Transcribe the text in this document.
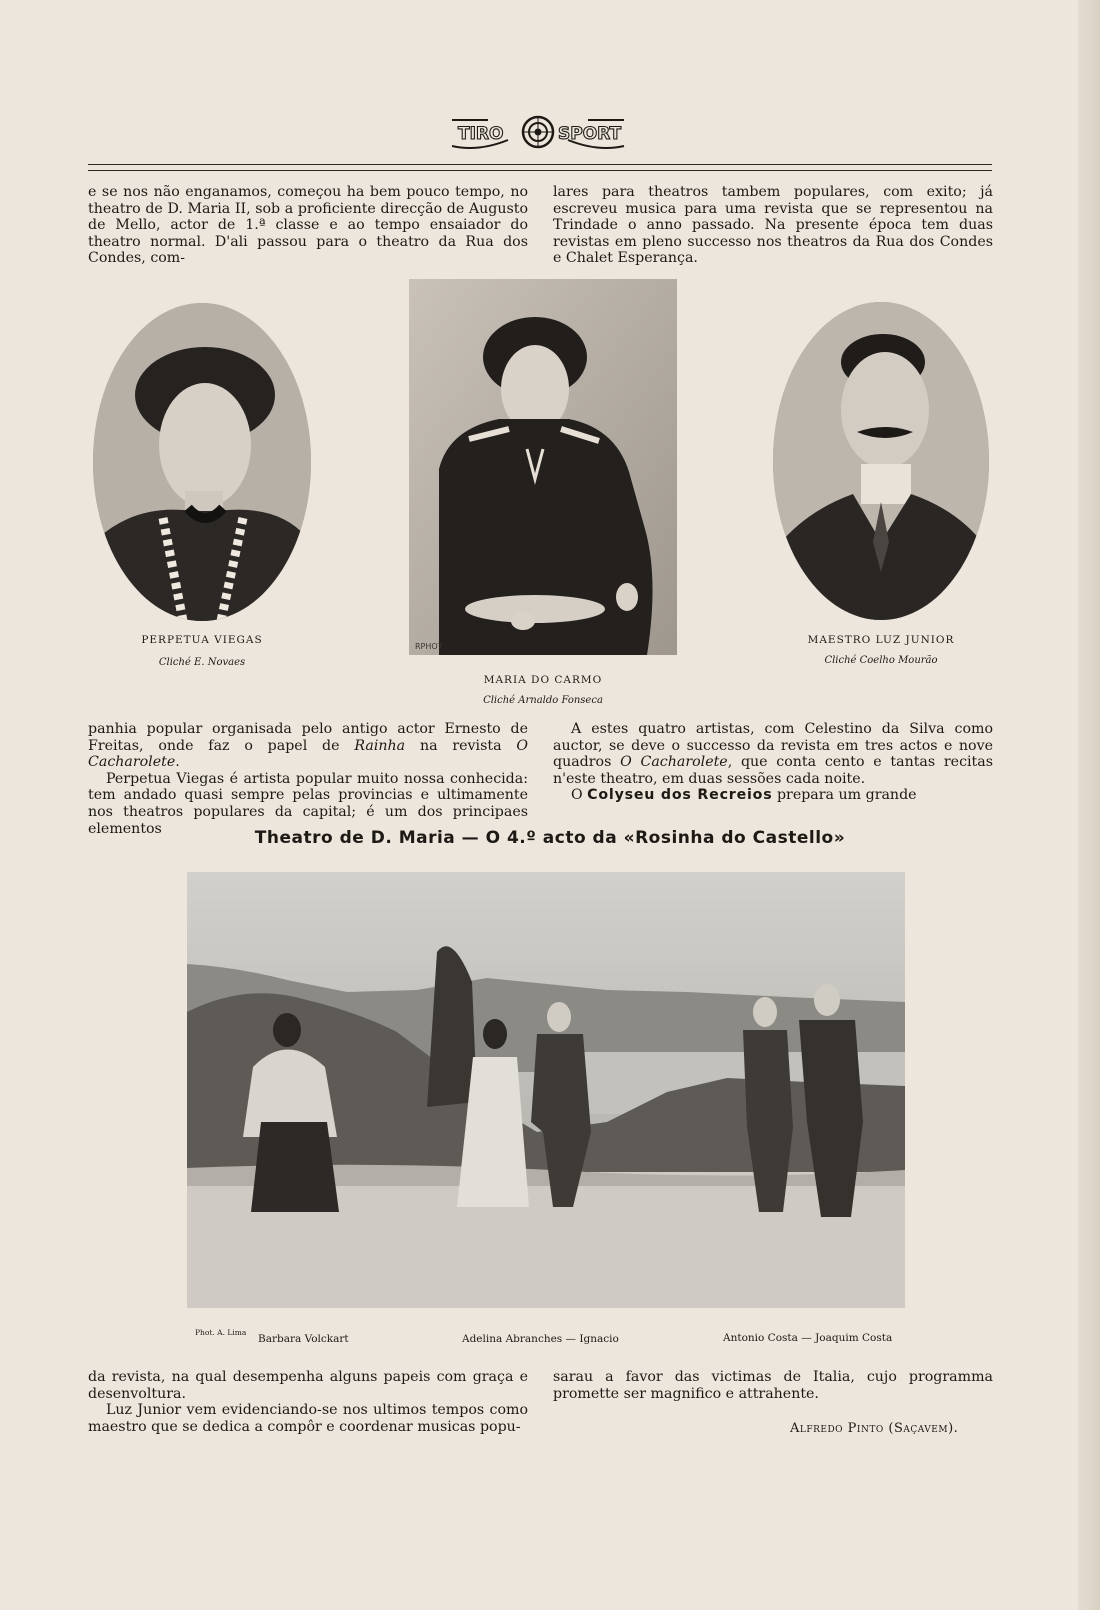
TIRO	SPORT

e se nos não enganamos, começou ha bem pouco tempo, no theatro de D. Maria II, sob a proficiente direcção de Augusto de Mello, actor de 1.ª classe e ao tempo ensaiador do theatro normal. D'ali passou para o theatro da Rua dos Condes, com-

lares para theatros tambem populares, com exito; já escreveu musica para uma revista que se representou na Trindade o anno passado. Na presente época tem duas revistas em pleno successo nos theatros da Rua dos Condes e Chalet Esperança.

PERPETUA VIEGAS
Cliché E. Novaes
RPHOT
MARIA DO CARMO
Cliché Arnaldo Fonseca
MAESTRO LUZ JUNIOR
Cliché Coelho Mourão

panhia popular organisada pelo antigo actor Ernesto de Freitas, onde faz o papel de Rainha na revista O Cacharolete.

Perpetua Viegas é artista popular muito nossa conhecida: tem andado quasi sempre pelas provincias e ultimamente nos theatros populares da capital; é um dos principaes elementos

A estes quatro artistas, com Celestino da Silva como auctor, se deve o successo da revista em tres actos e nove quadros O Cacharolete, que conta cento e tantas recitas n'este theatro, em duas sessões cada noite.

O Colyseu dos Recreios prepara um grande

Theatro de D. Maria — O 4.º acto da «Rosinha do Castello»
Phot. A. Lima
Barbara Volckart	Adelina Abranches — Ignacio	Antonio Costa — Joaquim Costa

da revista, na qual desempenha alguns papeis com graça e desenvoltura.

Luz Junior vem evidenciando-se nos ultimos tempos como maestro que se dedica a compôr e coordenar musicas popu-

sarau a favor das victimas de Italia, cujo programma promette ser magnifico e attrahente.

Alfredo Pinto (Saçavem).
